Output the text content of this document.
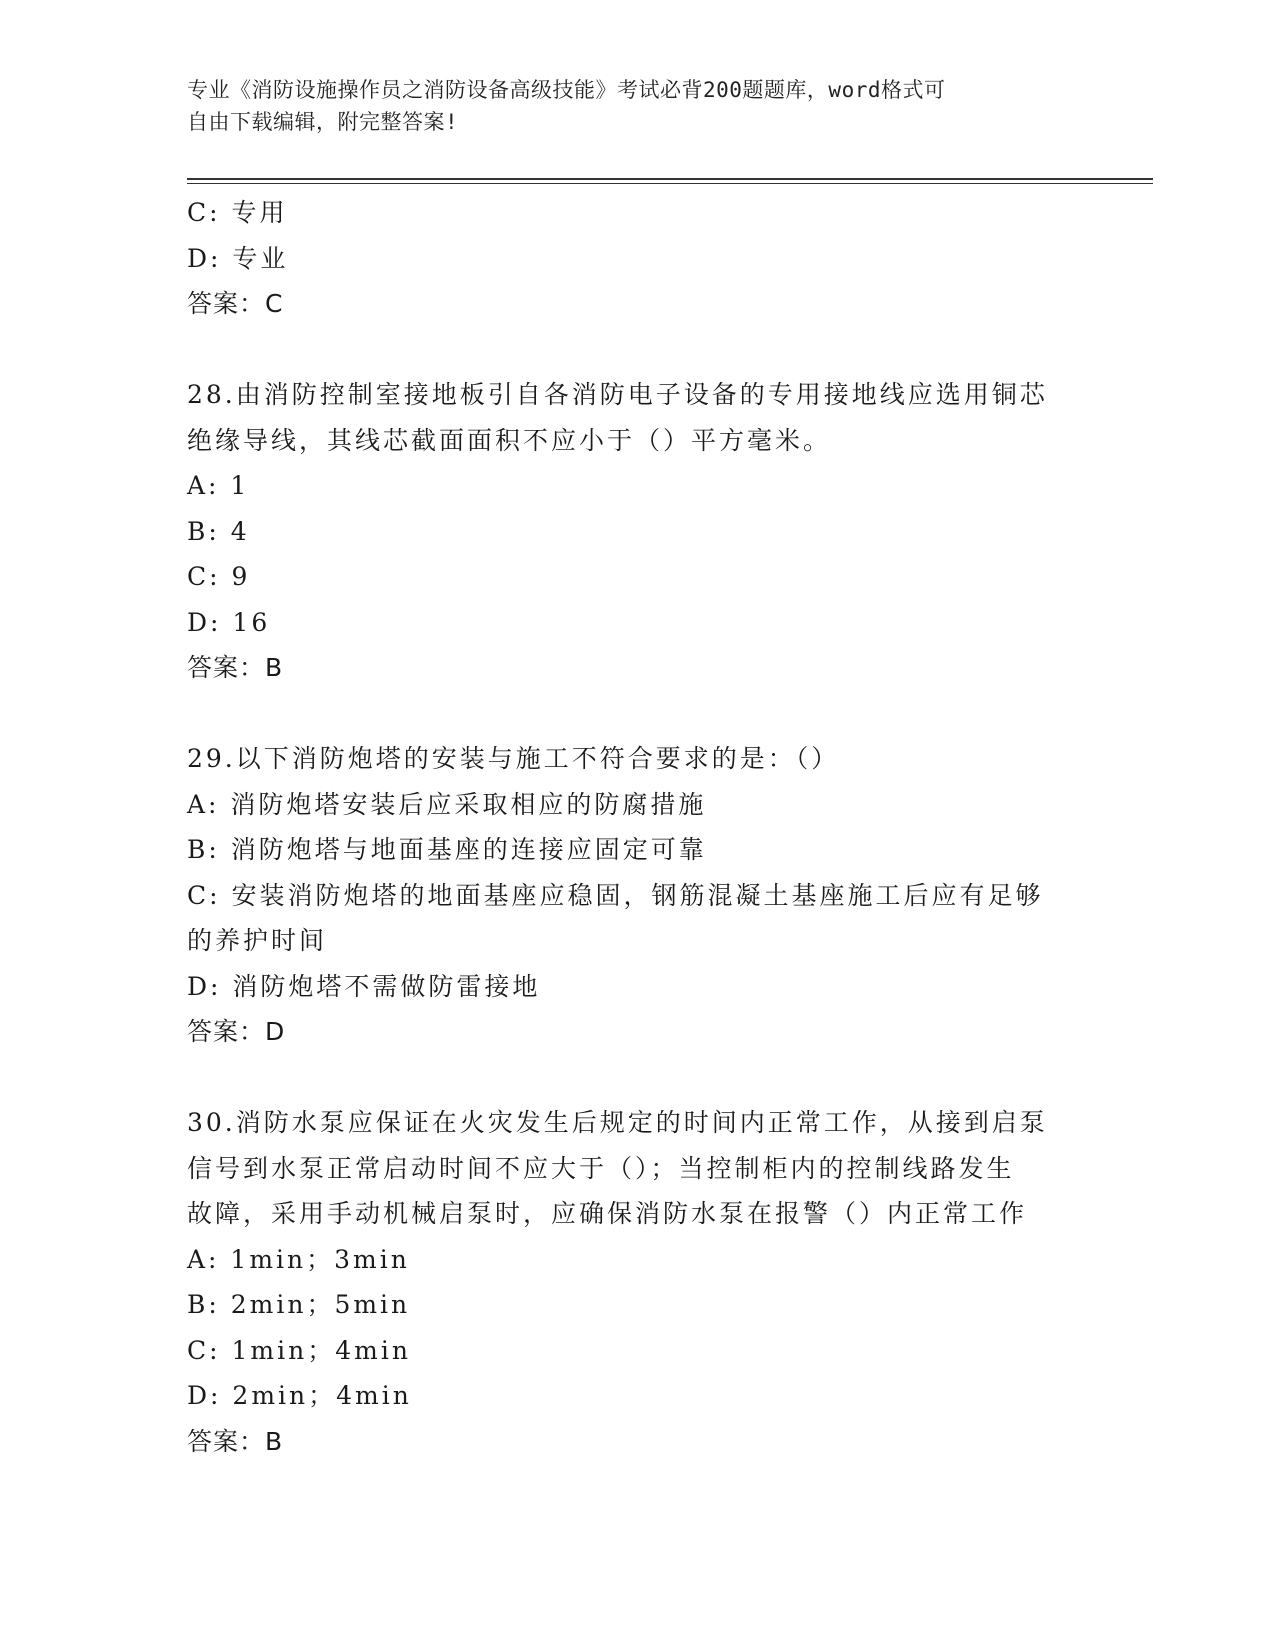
专业《消防设施操作员之消防设备高级技能》考试必背200题题库，word格式可
自由下载编辑，附完整答案!

C: 专用

D: 专业

答案：C

28.由消防控制室接地板引自各消防电子设备的专用接地线应选用铜芯

绝缘导线，其线芯截面面积不应小于（）平方毫米。

A: 1

B: 4

C: 9

D: 16

答案：B

29.以下消防炮塔的安装与施工不符合要求的是：（）

A: 消防炮塔安装后应采取相应的防腐措施

B: 消防炮塔与地面基座的连接应固定可靠

C: 安装消防炮塔的地面基座应稳固，钢筋混凝土基座施工后应有足够

的养护时间

D: 消防炮塔不需做防雷接地

答案：D

30.消防水泵应保证在火灾发生后规定的时间内正常工作，从接到启泵

信号到水泵正常启动时间不应大于（）；当控制柜内的控制线路发生

故障，采用手动机械启泵时，应确保消防水泵在报警（）内正常工作

A: 1min；3min

B: 2min；5min

C: 1min；4min

D: 2min；4min

答案：B
